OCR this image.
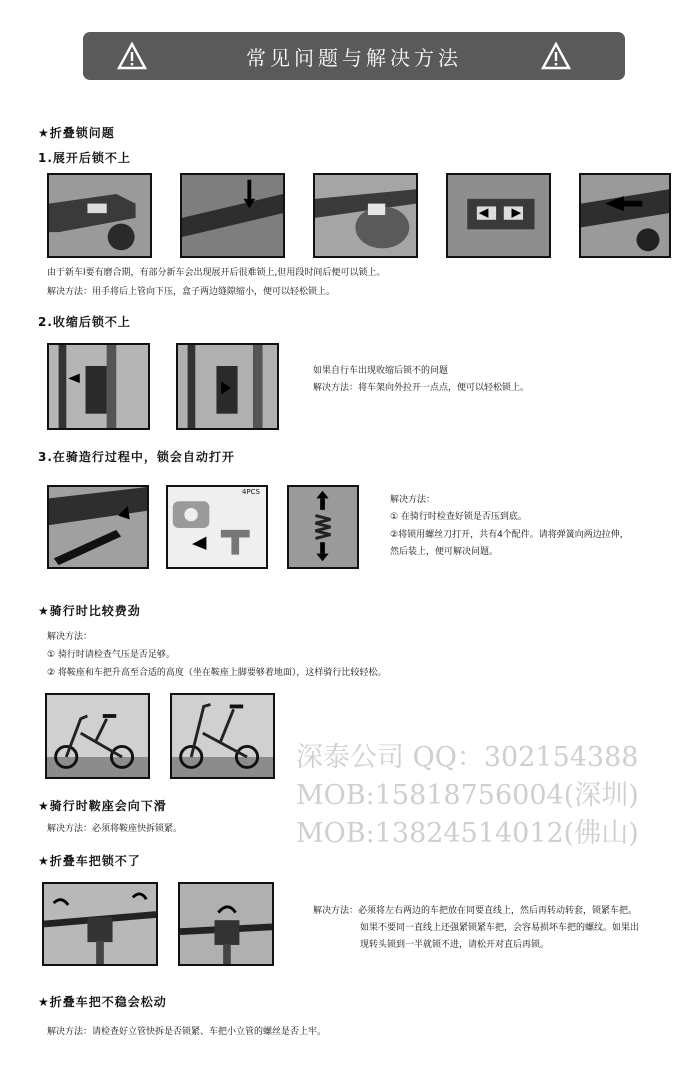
常见问题与解决方法
★折叠锁问题
1.展开后锁不上
由于新车l要有磨合期，有部分新车会出现展开后很难锁上,但用段时间后便可以锁上。
解决方法：用手将后上管向下压，盒子两边缝隙缩小，便可以轻松锁上。
2.收缩后锁不上
如果自行车出现收缩后锁不的问题
解决方法：将车架向外拉开一点点，便可以轻松锁上。
3.在骑造行过程中，锁会自动打开
4PCS
解决方法：
① 在骑行时检查好锁是否压到底。
②将锁用螺丝刀打开，共有4个配件。请将弹簧向两边拉伸，
然后装上，便可解决问题。
★骑行时比较费劲
解决方法：
① 骑行时请检查气压是否足够。
② 将鞍座和车把升高至合适的高度（坐在鞍座上脚要够着地面），这样骑行比较轻松。
★骑行时鞍座会向下滑
解决方法：必须将鞍座快拆锁紧。
★折叠车把锁不了
解决方法：必须将左右两边的车把放在同要直线上，然后再转动转套，锁紧车把。
如果不要同一直线上还强紧锁紧车把，会容易损坏车把的螺纹。如果出
现转头锁到一半就锁不进，请松开对直后再锁。
★折叠车把不稳会松动
解决方法：请检查好立管快拆是否锁紧、车把小立管的螺丝是否上牢。
深泰公司 QQ：302154388
MOB:15818756004(深圳)
MOB:13824514012(佛山)
